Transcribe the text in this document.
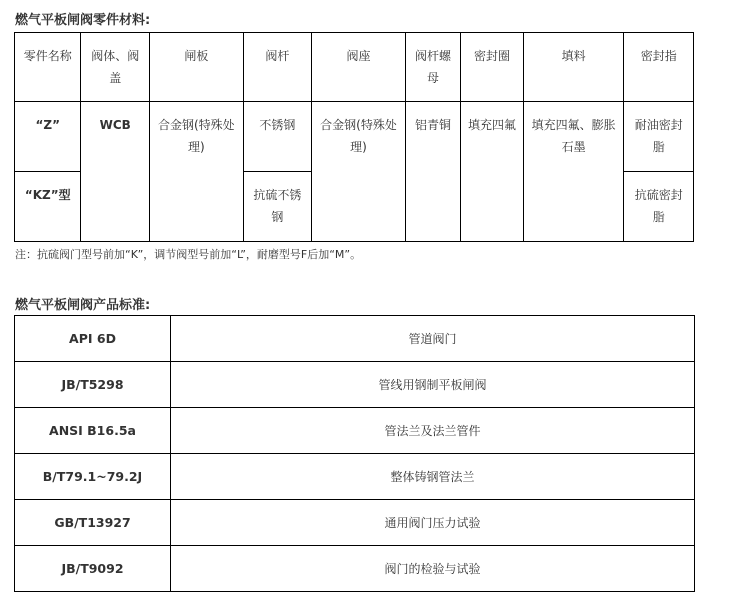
燃气平板闸阀零件材料:
零件名称	阀体、阀盖	闸板	阀杆	阀座	阀杆螺母	密封圈	填料	密封指
“Z”	WCB	合金钢(特殊处理)	不锈钢	合金钢(特殊处理)	铝青铜	填充四氟	填充四氟、膨胀石墨	耐油密封脂
“KZ”型			抗硫不锈钢					抗硫密封脂
注：抗硫阀门型号前加“K”，调节阀型号前加“L”，耐磨型号F后加“M”。
燃气平板闸阀产品标准:
API 6D	管道阀门
JB/T5298	管线用钢制平板闸阀
ANSI B16.5a	管法兰及法兰管件
B/T79.1~79.2J	整体铸钢管法兰
GB/T13927	通用阀门压力试验
JB/T9092	阀门的检验与试验
